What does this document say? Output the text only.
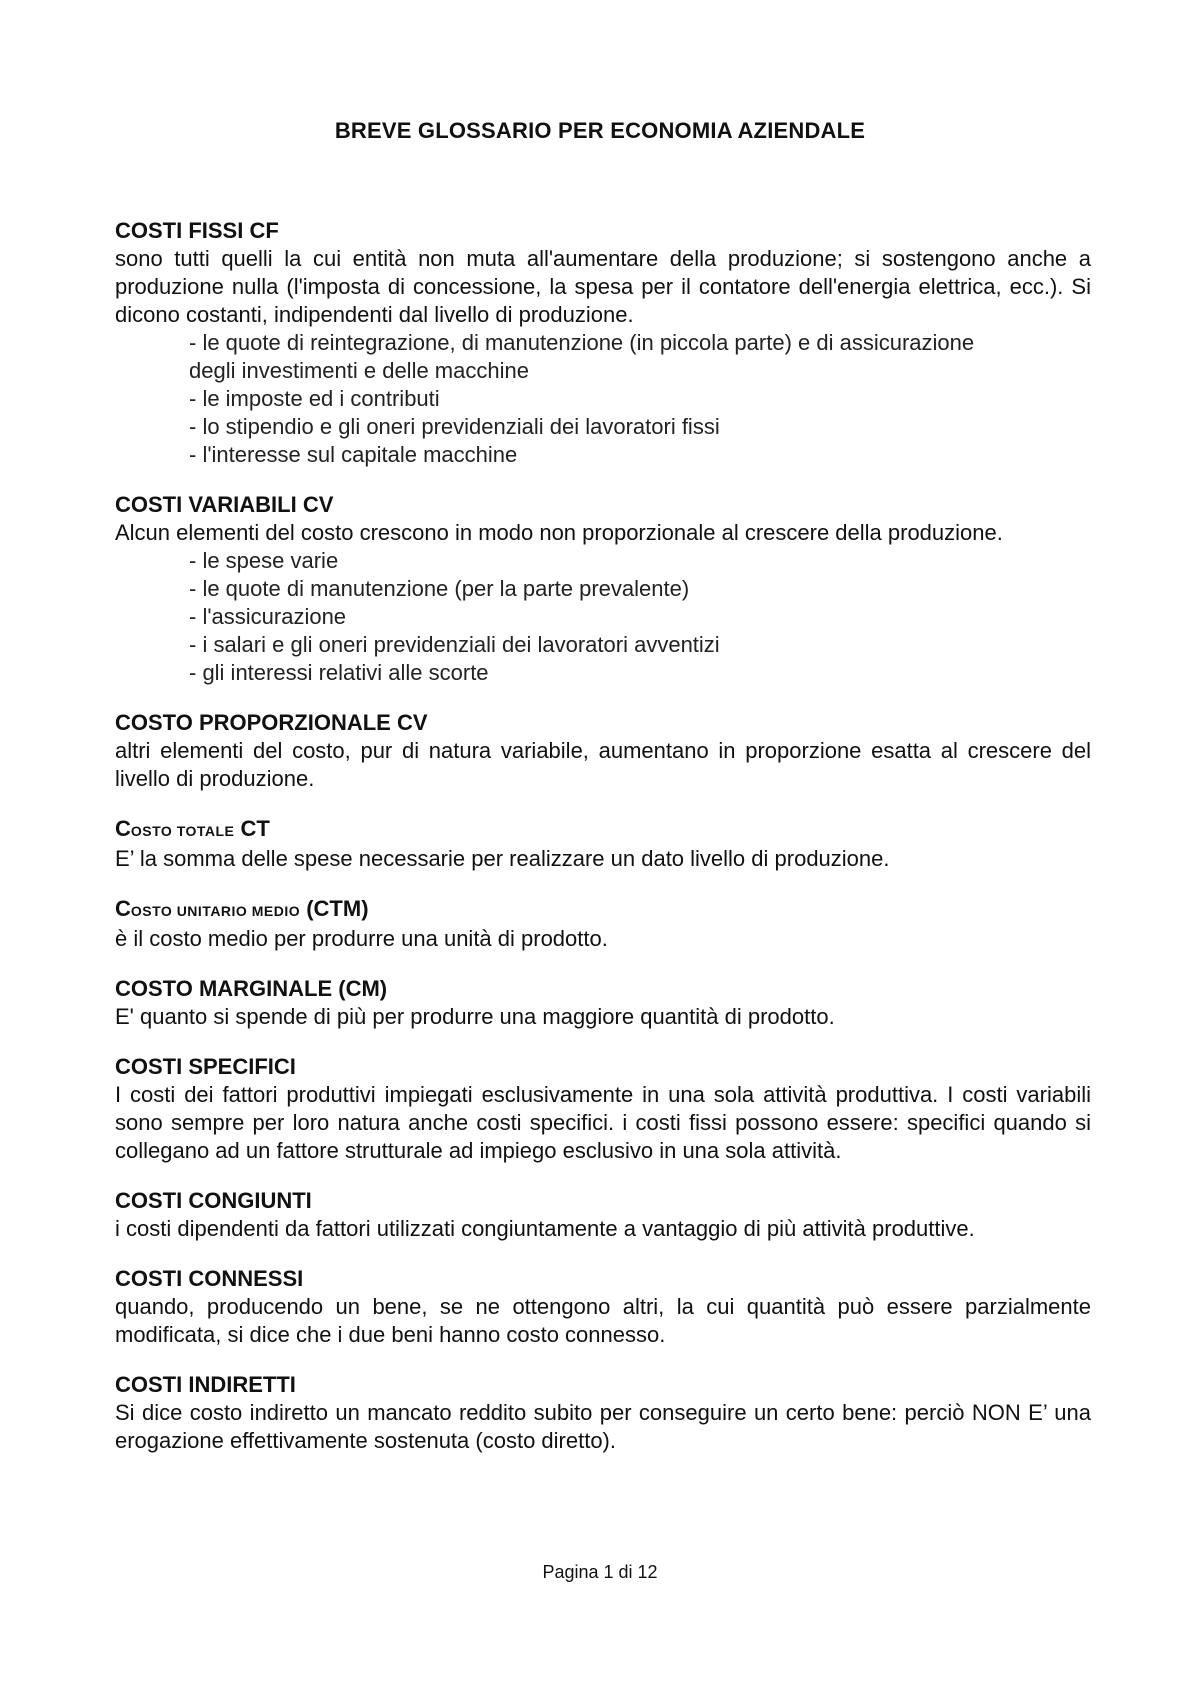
BREVE GLOSSARIO PER ECONOMIA AZIENDALE
COSTI FISSI CF
sono tutti quelli la cui entità non muta all'aumentare della produzione; si sostengono anche a produzione nulla (l'imposta di concessione, la spesa per il contatore dell'energia elettrica, ecc.). Si dicono costanti, indipendenti dal livello di produzione.
- le quote di reintegrazione, di manutenzione (in piccola parte) e di assicurazione
degli investimenti e delle macchine
- le imposte ed i contributi
- lo stipendio e gli oneri previdenziali dei lavoratori fissi
- l'interesse sul capitale macchine
COSTI VARIABILI CV
Alcun elementi del costo crescono in modo non proporzionale al crescere della produzione.
- le spese varie
- le quote di manutenzione (per la parte prevalente)
- l'assicurazione
- i salari e gli oneri previdenziali dei lavoratori avventizi
- gli interessi relativi alle scorte
COSTO PROPORZIONALE CV
altri elementi del costo, pur di natura variabile, aumentano in proporzione esatta al crescere del livello di produzione.
COSTO TOTALE CT
E’ la somma delle spese necessarie per realizzare un dato livello di produzione.
COSTO UNITARIO MEDIO (CTM)
è il costo medio per produrre una unità di prodotto.
COSTO MARGINALE (CM)
E' quanto si spende di più per produrre una maggiore quantità di prodotto.
COSTI SPECIFICI
I costi dei fattori produttivi impiegati esclusivamente in una sola attività produttiva. I costi variabili sono sempre per loro natura anche costi specifici. i costi fissi possono essere: specifici quando si collegano ad un fattore strutturale ad impiego esclusivo in una sola attività.
COSTI CONGIUNTI
i costi dipendenti da fattori utilizzati congiuntamente a vantaggio di più attività produttive.
COSTI CONNESSI
quando, producendo un bene, se ne ottengono altri, la cui quantità può essere parzialmente modificata, si dice che i due beni hanno costo connesso.
COSTI INDIRETTI
Si dice costo indiretto un mancato reddito subito per conseguire un certo bene: perciò NON E’ una erogazione effettivamente sostenuta (costo diretto).
Pagina 1 di 12
